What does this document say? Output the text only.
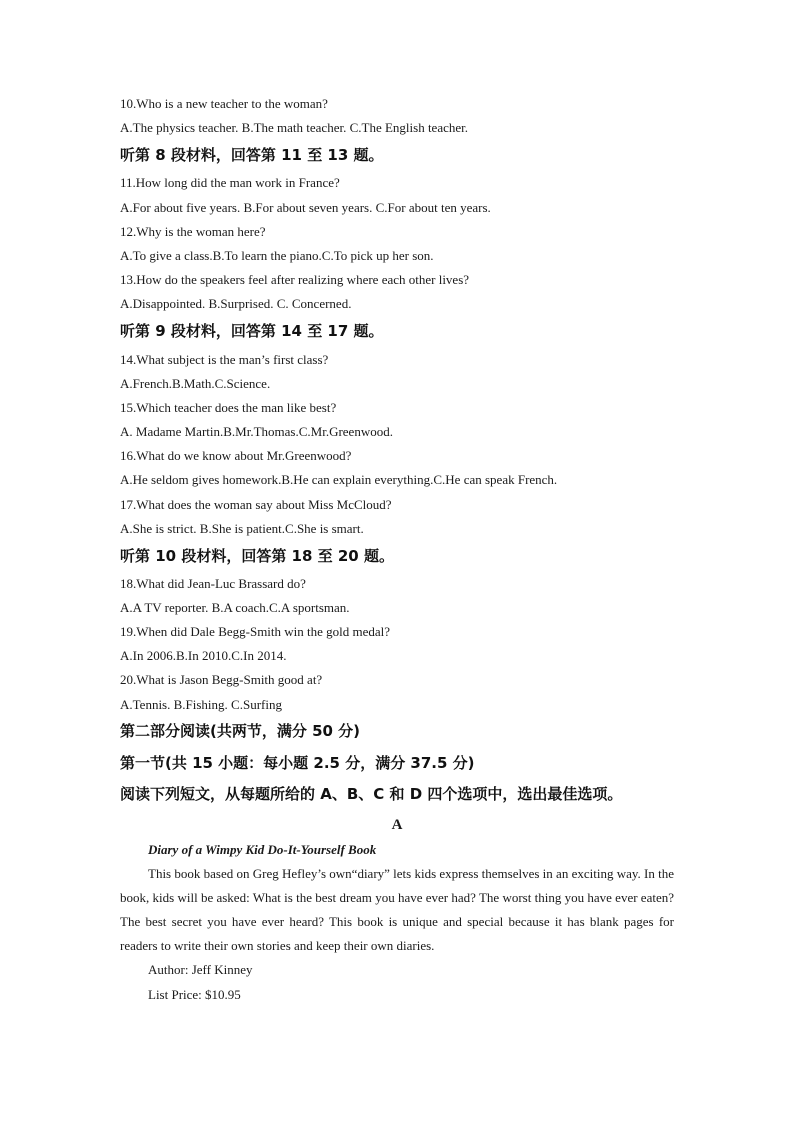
10.Who is a new teacher to the woman?
A.The physics teacher. B.The math teacher. C.The English teacher.
听第 8 段材料，回答第 11 至 13 题。
11.How long did the man work in France?
A.For about five years. B.For about seven years. C.For about ten years.
12.Why is the woman here?
A.To give a class.B.To learn the piano.C.To pick up her son.
13.How do the speakers feel after realizing where each other lives?
A.Disappointed. B.Surprised. C. Concerned.
听第 9 段材料，回答第 14 至 17 题。
14.What subject is the man’s first class?
A.French.B.Math.C.Science.
15.Which teacher does the man like best?
A. Madame Martin.B.Mr.Thomas.C.Mr.Greenwood.
16.What do we know about Mr.Greenwood?
A.He seldom gives homework.B.He can explain everything.C.He can speak French.
17.What does the woman say about Miss McCloud?
A.She is strict. B.She is patient.C.She is smart.
听第 10 段材料，回答第 18 至 20 题。
18.What did Jean-Luc Brassard do?
A.A TV reporter. B.A coach.C.A sportsman.
19.When did Dale Begg-Smith win the gold medal?
A.In 2006.B.In 2010.C.In 2014.
20.What is Jason Begg-Smith good at?
A.Tennis. B.Fishing. C.Surfing
第二部分阅读(共两节，满分 50 分)
第一节(共 15 小题：每小题 2.5 分，满分 37.5 分)
阅读下列短文，从每题所给的 A、B、C 和 D 四个选项中，选出最佳选项。
A
Diary of a Wimpy Kid Do-It-Yourself Book
This book based on Greg Hefley’s own“diary” lets kids express themselves in an exciting way. In the book, kids will be asked: What is the best dream you have ever had? The worst thing you have ever eaten? The best secret you have ever heard? This book is unique and special because it has blank pages for readers to write their own stories and keep their own diaries.
Author: Jeff Kinney
List Price: $10.95
